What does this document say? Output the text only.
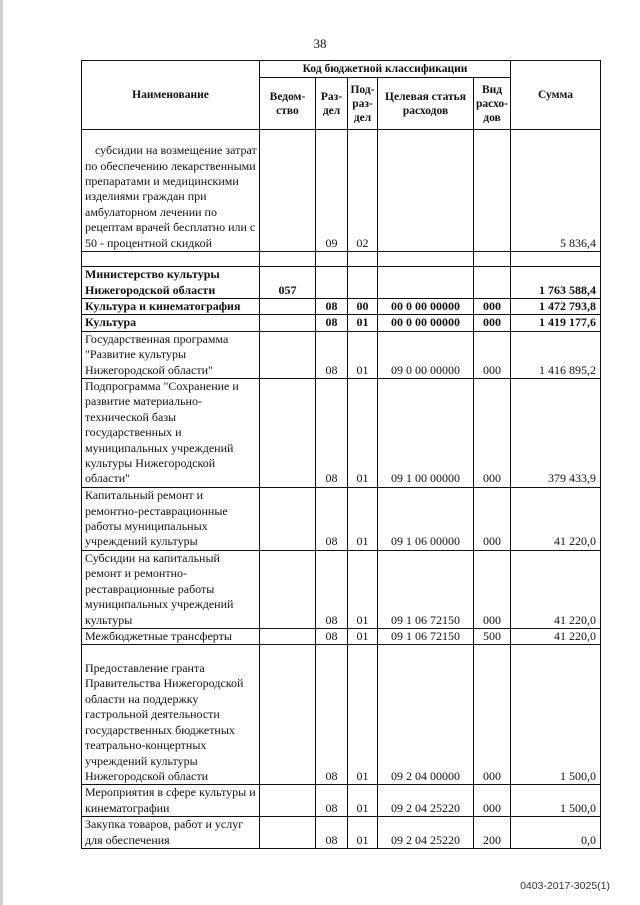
38
Наименование	Код бюджетной классификации					Сумма
	Ведом-ство	Раз-дел	Под-раз-дел	Целевая статья расходов	Вид расхо-дов	
субсидии на возмещение затрат по обеспечению лекарственными препаратами и медицинскими изделиями граждан при амбулаторном лечении по рецептам врачей бесплатно или с 50 - процентной скидкой		09	02			5 836,4

Министерство культуры Нижегородской области	057					1 763 588,4
Культура и кинематография		08	00	00 0 00 00000	000	1 472 793,8
Культура		08	01	00 0 00 00000	000	1 419 177,6
Государственная программа "Развитие культуры Нижегородской области"		08	01	09 0 00 00000	000	1 416 895,2
Подпрограмма "Сохранение и развитие материально-технической базы государственных и муниципальных учреждений культуры Нижегородской области"		08	01	09 1 00 00000	000	379 433,9
Капитальный ремонт и ремонтно-реставрационные работы муниципальных учреждений культуры		08	01	09 1 06 00000	000	41 220,0
Субсидии на капитальный ремонт и ремонтно-реставрационные работы муниципальных учреждений культуры		08	01	09 1 06 72150	000	41 220,0
Межбюджетные трансферты		08	01	09 1 06 72150	500	41 220,0
Предоставление гранта Правительства Нижегородской области на поддержку гастрольной деятельности государственных бюджетных театрально-концертных учреждений культуры Нижегородской области		08	01	09 2 04 00000	000	1 500,0
Мероприятия в сфере культуры и кинематографии		08	01	09 2 04 25220	000	1 500,0
Закупка товаров, работ и услуг для обеспечения		08	01	09 2 04 25220	200	0,0
0403-2017-3025(1)
